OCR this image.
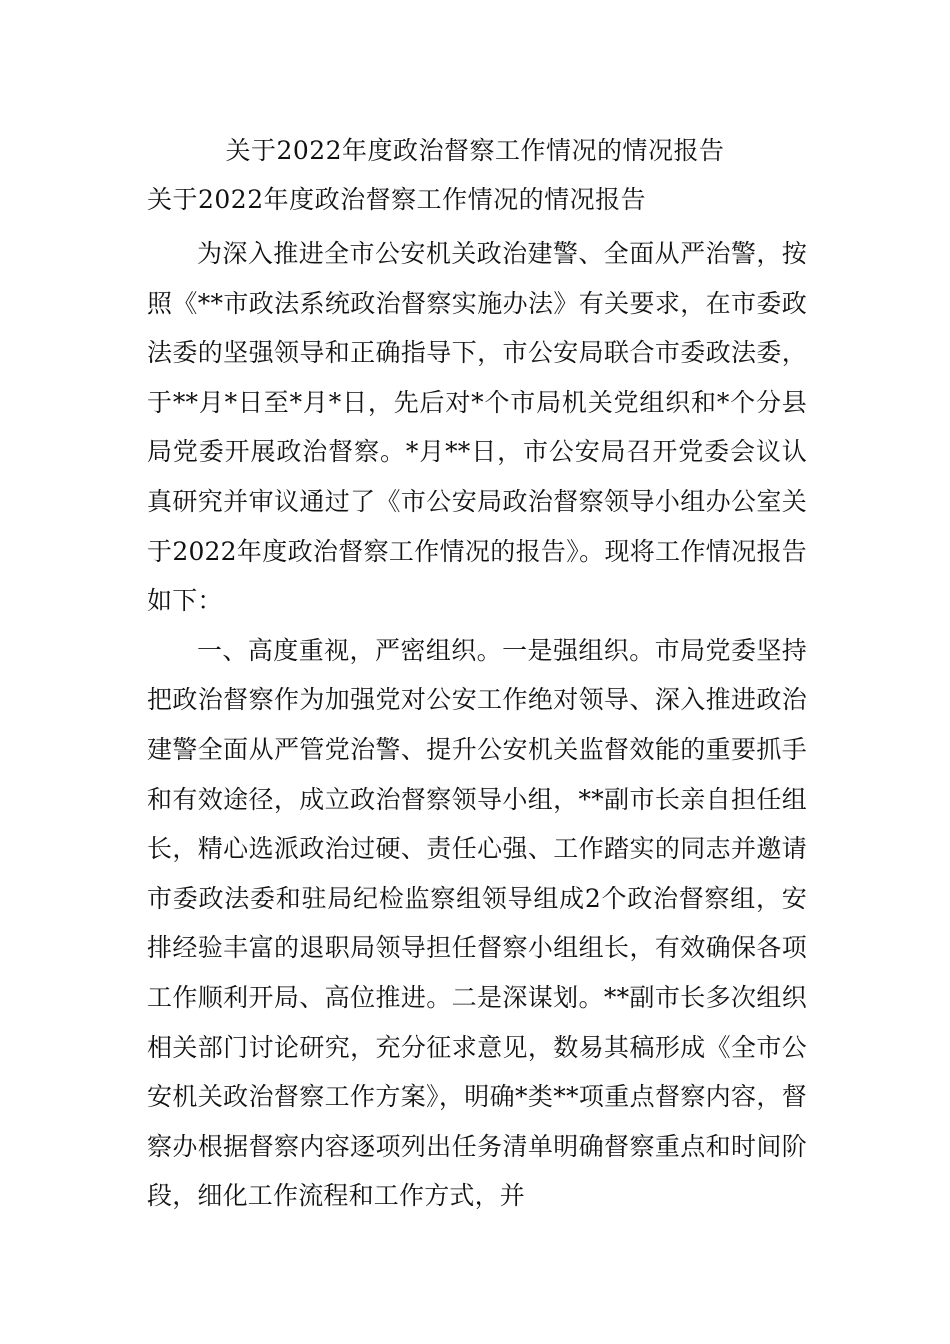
关于2022年度政治督察工作情况的情况报告
关于2022年度政治督察工作情况的情况报告

为深入推进全市公安机关政治建警、全面从严治警，按照《**市政法系统政治督察实施办法》有关要求，在市委政法委的坚强领导和正确指导下，市公安局联合市委政法委，于**月*日至*月*日，先后对*个市局机关党组织和*个分县局党委开展政治督察。*月**日，市公安局召开党委会议认真研究并审议通过了《市公安局政治督察领导小组办公室关于2022年度政治督察工作情况的报告》。现将工作情况报告如下：

一、高度重视，严密组织。一是强组织。市局党委坚持把政治督察作为加强党对公安工作绝对领导、深入推进政治建警全面从严管党治警、提升公安机关监督效能的重要抓手和有效途径，成立政治督察领导小组，**副市长亲自担任组长，精心选派政治过硬、责任心强、工作踏实的同志并邀请市委政法委和驻局纪检监察组领导组成2个政治督察组，安排经验丰富的退职局领导担任督察小组组长，有效确保各项工作顺利开局、高位推进。二是深谋划。**副市长多次组织相关部门讨论研究，充分征求意见，数易其稿形成《全市公安机关政治督察工作方案》，明确*类**项重点督察内容，督察办根据督察内容逐项列出任务清单明确督察重点和时间阶段，细化工作流程和工作方式，并
